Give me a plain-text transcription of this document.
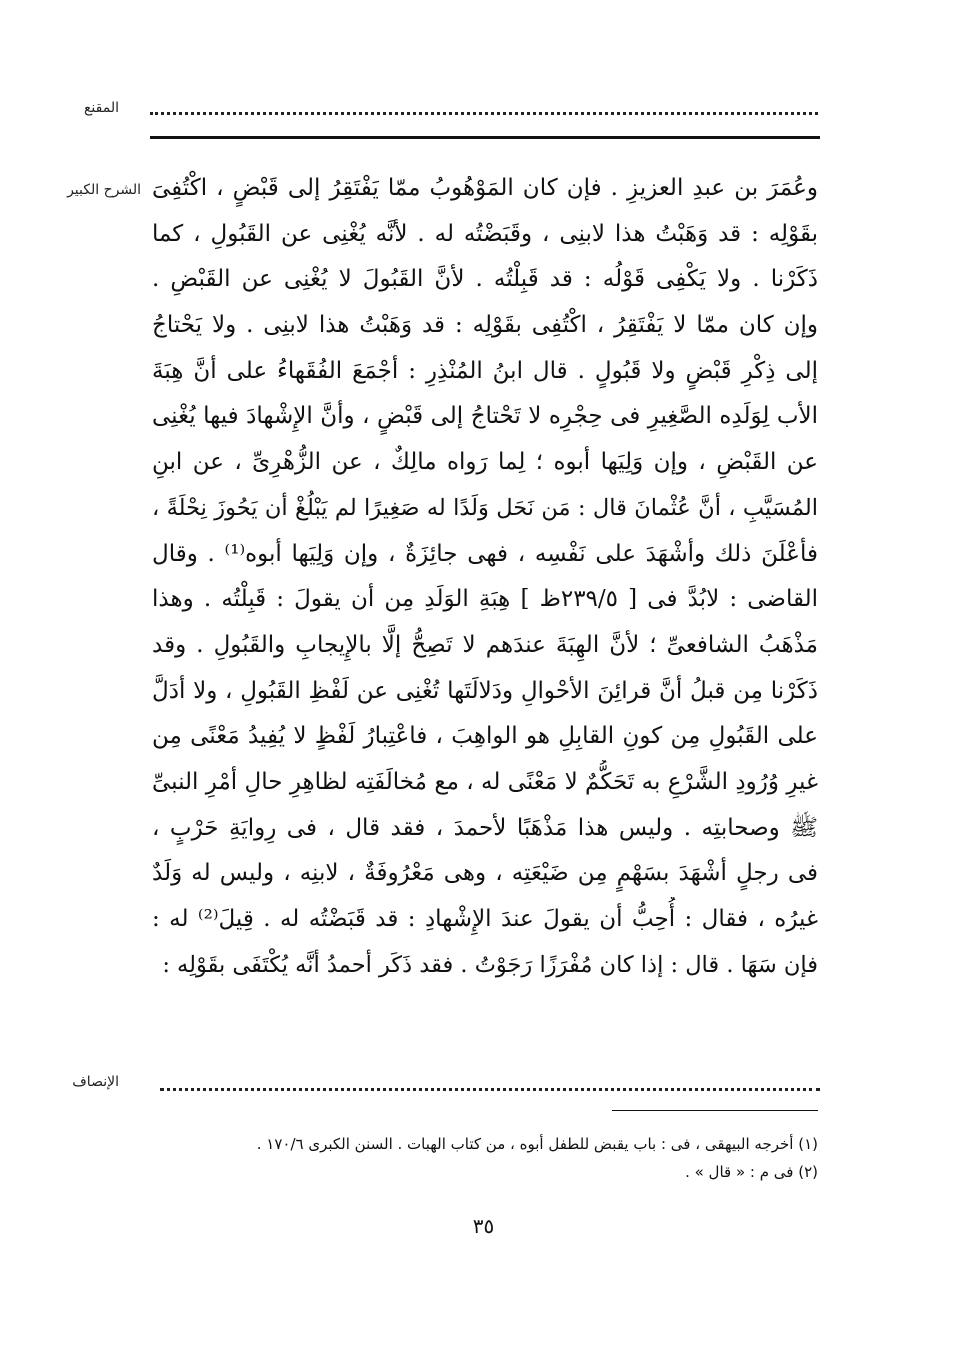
المقنع
الشرح الكبير وعُمَرَ بن عبدِ العزيزِ . فإن كان المَوْهُوبُ ممّا يَفْتَقِرُ إلى قَبْضٍ ، اكْتُفِىَ
بقَوْلِه : قد وَهَبْتُ هذا لابنِى ، وقَبَضْتُه له . لأنَّه يُغْنِى عن القَبُولِ ، كما
ذَكَرْنا . ولا يَكْفِى قَوْلُه : قد قَبِلْتُه . لأنَّ القَبُولَ لا يُغْنِى عن القَبْضِ .
وإن كان ممّا لا يَفْتَقِرُ ، اكْتُفِى بقَوْلِه : قد وَهَبْتُ هذا لابنِى . ولا يَحْتاجُ
إلى ذِكْرِ قَبْضٍ ولا قَبُولٍ . قال ابنُ المُنْذِرِ : أجْمَعَ الفُقَهاءُ على أنَّ هِبَةَ
الأب لِوَلَدِه الصَّغِيرِ فى حِجْرِه لا تَحْتاجُ إلى قَبْضٍ ، وأنَّ الإِشْهادَ فيها يُغْنِى
عن القَبْضِ ، وإن وَلِيَها أبوه ؛ لِما رَواه مالِكٌ ، عن الزُّهْرِىِّ ، عن ابنِ
المُسَيَّبِ ، أنَّ عُثْمانَ قال : مَن نَحَل وَلَدًا له صَغِيرًا لم يَبْلُغْ أن يَحُوزَ نِحْلَةً ،
فأعْلَنَ ذلك وأشْهَدَ على نَفْسِه ، فهى جائِزَةٌ ، وإن وَلِيَها أبوه⁽¹⁾ . وقال
القاضى : لابُدَّ فى [ ٢٣٩/٥ظ ] هِبَةِ الوَلَدِ مِن أن يقولَ : قَبِلْتُه . وهذا
مَذْهَبُ الشافعىِّ ؛ لأنَّ الهِبَةَ عندَهم لا تَصِحُّ إلَّا بالإِيجابِ والقَبُولِ . وقد
ذَكَرْنا مِن قبلُ أنَّ قرائِنَ الأحْوالِ ودَلالَتَها تُغْنِى عن لَفْظِ القَبُولِ ، ولا أدَلَّ
على القَبُولِ مِن كونِ القابِلِ هو الواهِبَ ، فاعْتِبارُ لَفْظٍ لا يُفِيدُ مَعْنًى مِن
غيرِ وُرُودِ الشَّرْعِ به تَحَكُّمٌ لا مَعْنًى له ، مع مُخالَفَتِه لظاهِرِ حالِ أمْرِ النبىِّ
ﷺ وصحابتِه . وليس هذا مَذْهَبًا لأحمدَ ، فقد قال ، فى رِوايَةِ حَرْبٍ ،
فى رجلٍ أشْهَدَ بسَهْمٍ مِن ضَيْعَتِه ، وهى مَعْرُوفَةٌ ، لابنِه ، وليس له وَلَدٌ
غيرُه ، فقال : أُحِبُّ أن يقولَ عندَ الإِشْهادِ : قد قَبَضْتُه له . قِيلَ⁽²⁾ له :
فإن سَهَا . قال : إذا كان مُفْرَزًا رَجَوْتُ . فقد ذَكَر أحمدُ أنَّه يُكْتَفَى بقَوْلِه :
الإنصاف
(١) أخرجه البيهقى ، فى : باب يقبض للطفل أبوه ، من كتاب الهبات . السنن الكبرى ١٧٠/٦ .
(٢) فى م : « قال » .
٣٥
